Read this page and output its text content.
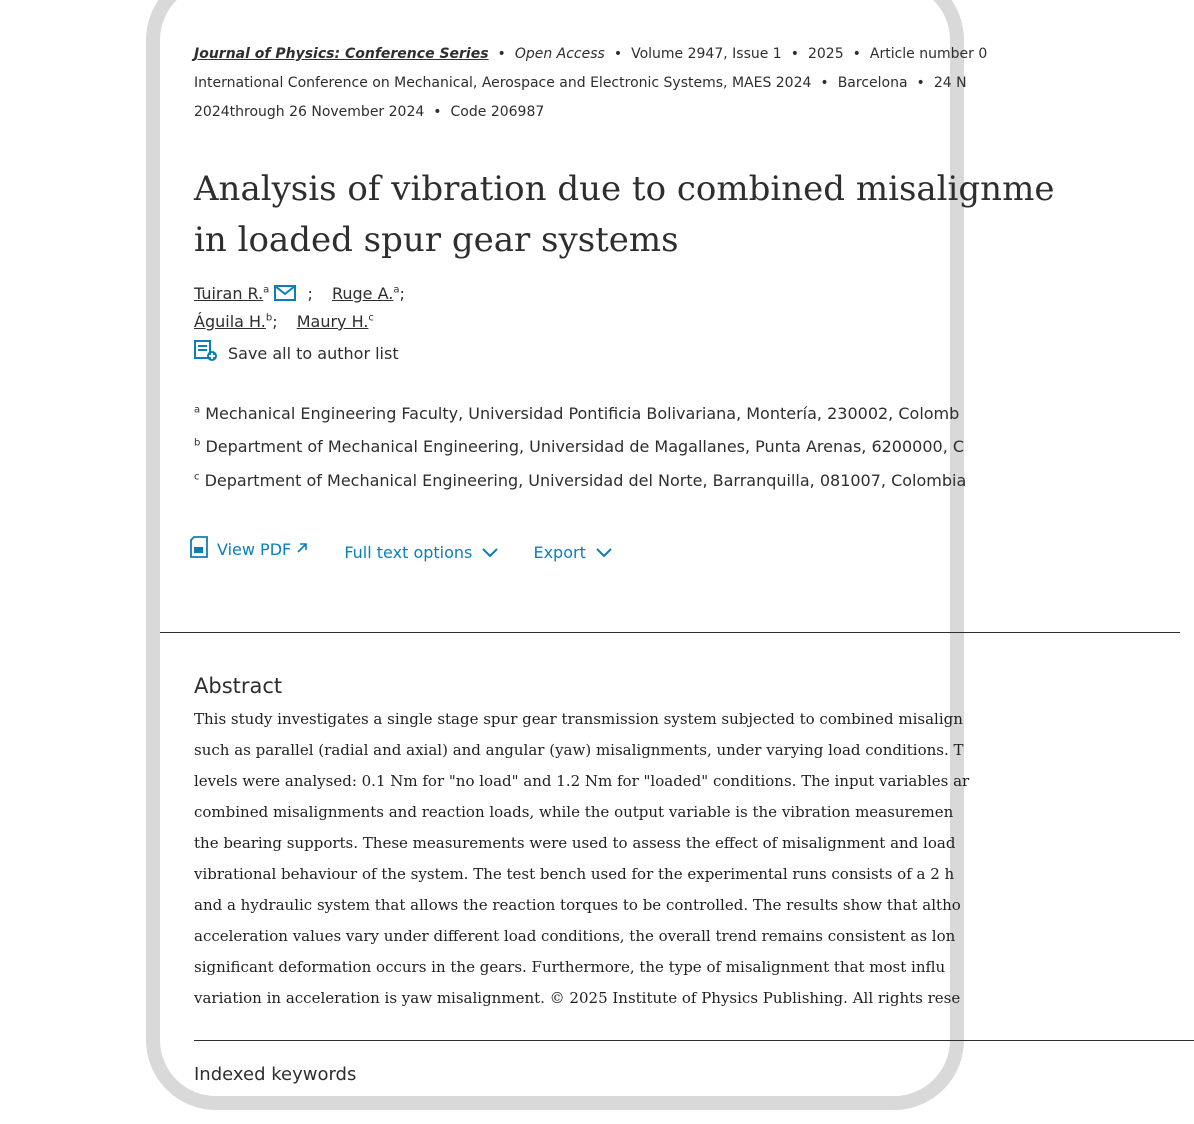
Journal of Physics: Conference Series • Open Access • Volume 2947, Issue 1 • 2025 • Article number 0
International Conference on Mechanical, Aerospace and Electronic Systems, MAES 2024 • Barcelona • 24 N
2024through 26 November 2024 • Code 206987
Analysis of vibration due to combined misalignme
in loaded spur gear systems
Tuiran R.$^a$ ; Ruge A.$^a$;
Águila H.$^b$; Maury H.$^c$
Save all to author list
$^a$ Mechanical Engineering Faculty, Universidad Pontificia Bolivariana, Montería, 230002, Colomb
$^b$ Department of Mechanical Engineering, Universidad de Magallanes, Punta Arenas, 6200000, C
$^c$ Department of Mechanical Engineering, Universidad del Norte, Barranquilla, 081007, Colombia
View PDF
	Full text options
	Export
Abstract
This study investigates a single stage spur gear transmission system subjected to combined misalign
such as parallel (radial and axial) and angular (yaw) misalignments, under varying load conditions. T
levels were analysed: 0.1 Nm for "no load" and 1.2 Nm for "loaded" conditions. The input variables ar
combined misalignments and reaction loads, while the output variable is the vibration measuremen
the bearing supports. These measurements were used to assess the effect of misalignment and load
vibrational behaviour of the system. The test bench used for the experimental runs consists of a 2 h
and a hydraulic system that allows the reaction torques to be controlled. The results show that altho
acceleration values vary under different load conditions, the overall trend remains consistent as lon
significant deformation occurs in the gears. Furthermore, the type of misalignment that most influ
variation in acceleration is yaw misalignment. © 2025 Institute of Physics Publishing. All rights rese
Indexed keywords
